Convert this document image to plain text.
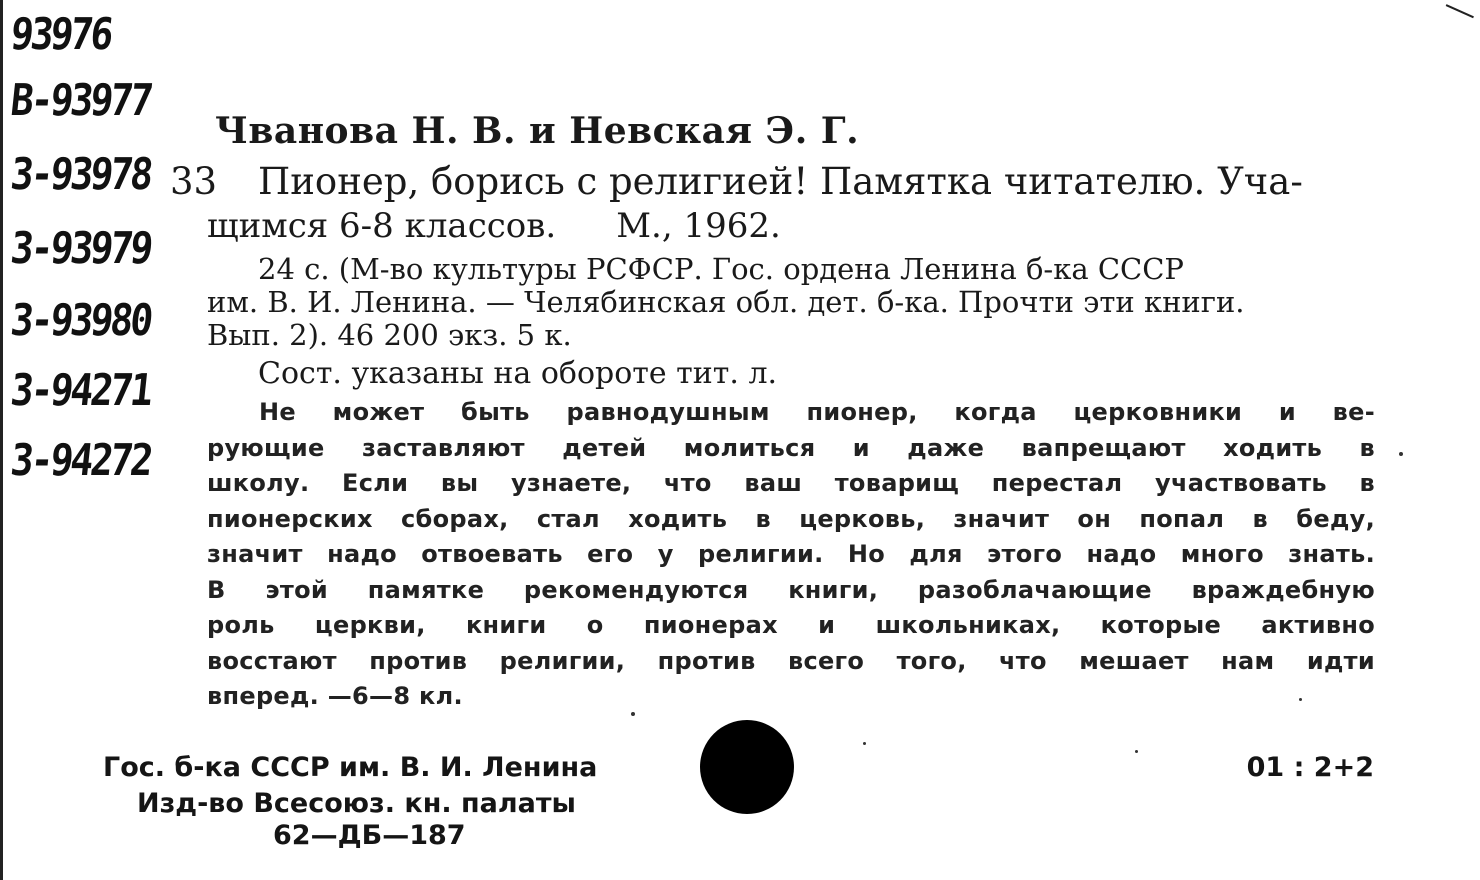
93976
В-93977
3-93978
3-93979
3-93980
3-94271
3-94272
Чванова Н. В. и Невская Э. Г.
33 Пионер, борись с религией! Памятка читателю. Уча-
щимся 6-8 классов. М., 1962.
24 с. (М-во культуры РСФСР. Гос. ордена Ленина б-ка СССР
им. В. И. Ленина. — Челябинская обл. дет. б-ка. Прочти эти книги.
Вып. 2). 46 200 экз. 5 к.
Сост. указаны на обороте тит. л.
Не может быть равнодушным пионер, когда церковники и ве-
рующие заставляют детей молиться и даже вапрещают ходить в
школу. Если вы узнаете, что ваш товарищ перестал участвовать в
пионерских сборах, стал ходить в церковь, значит он попал в беду,
значит надо отвоевать его у религии. Но для этого надо много знать.
В этой памятке рекомендуются книги, разоблачающие враждебную
роль церкви, книги о пионерах и школьниках, которые активно
восстают против религии, против всего того, что мешает нам идти
вперед. —6—8 кл.
Гос. б-ка СССР им. В. И. Ленина
Изд-во Всесоюз. кн. палаты
62—ДБ—187
01 : 2+2
